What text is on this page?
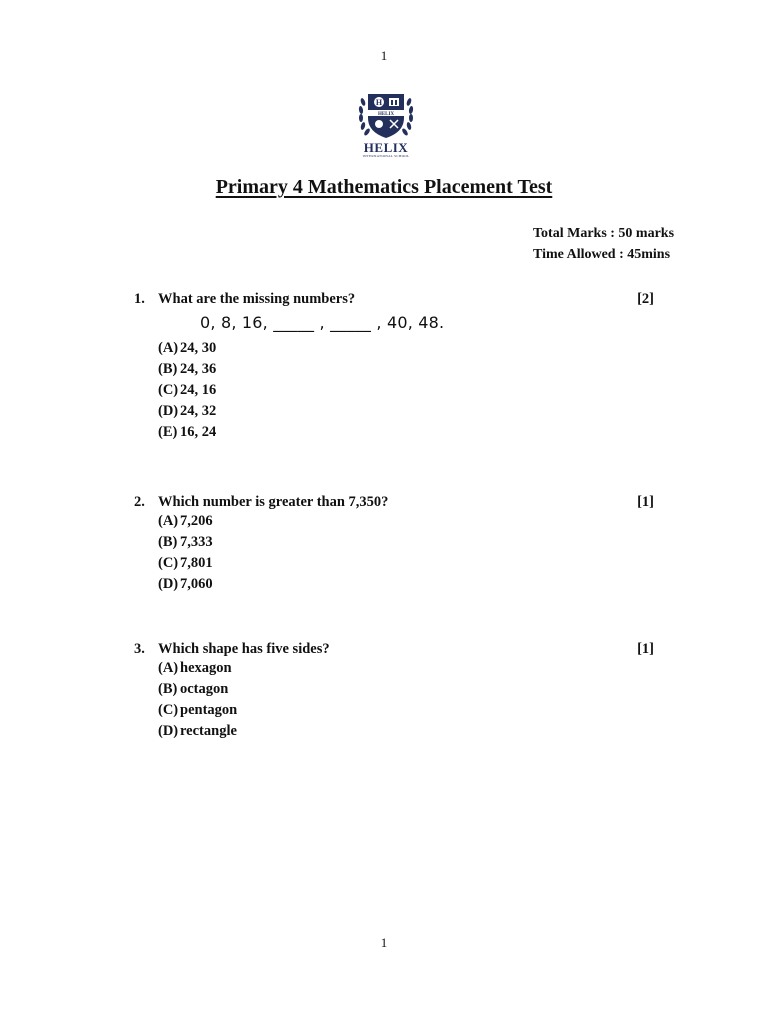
1
HELIX
H
HELIX
INTERNATIONAL SCHOOL
Primary 4 Mathematics Placement Test
Total Marks : 50 marks
Time Allowed : 45mins
1. What are the missing numbers?	[2]
0, 8, 16, _____ , _____ , 40, 48.
(A) 24, 30
(B) 24, 36
(C) 24, 16
(D) 24, 32
(E) 16, 24
2. Which number is greater than 7,350?	[1]
(A) 7,206
(B) 7,333
(C) 7,801
(D) 7,060
3. Which shape has five sides?	[1]
(A) hexagon
(B) octagon
(C) pentagon
(D) rectangle
1
